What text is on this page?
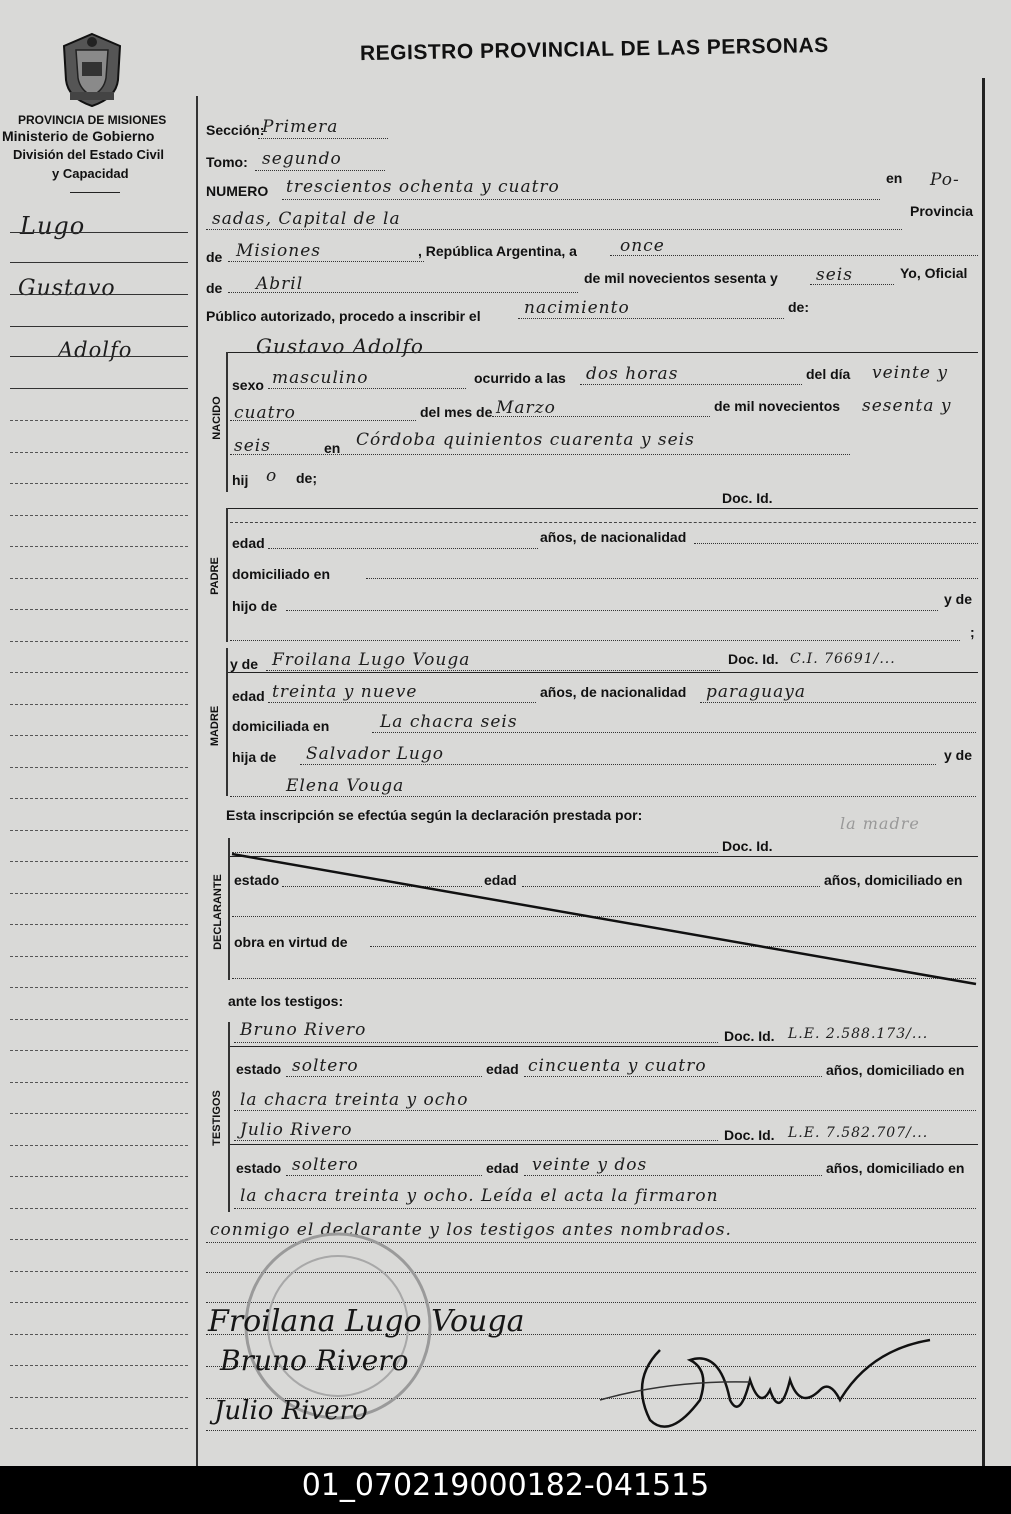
REGISTRO PROVINCIAL DE LAS PERSONAS
PROVINCIA DE MISIONES
Ministerio de Gobierno
División del Estado Civil
y Capacidad
Lugo
Gustavo
Adolfo
Sección:
Primera
Tomo: segundo
NUMERO trescientos ochenta y cuatro	en Po-
sadas, Capital de la	Provincia
de Misiones	, República Argentina, a	once
de Abril	de mil novecientos sesenta y seis	Yo, Oficial
Público autorizado, procedo a inscribir el	nacimiento	de:
NACIDO
Gustavo Adolfo
sexo masculino	ocurrido a las dos horas	del día veinte y
cuatro	del mes de Marzo	de mil novecientos sesenta y
seis	en Córdoba quinientos cuarenta y seis
hij o de;
Doc. Id.
PADRE
edad	años, de nacionalidad
domiciliado en
hijo de	y de
;
MADRE
y de Froilana Lugo Vouga	Doc. Id. C.I. 76691/...
edad treinta y nueve	años, de nacionalidad paraguaya
domiciliada en	La chacra seis
hija de Salvador Lugo	y de
Elena Vouga
Esta inscripción se efectúa según la declaración prestada por:	la madre
DECLARANTE
Doc. Id.
estado	edad	años, domiciliado en
obra en virtud de
ante los testigos:
TESTIGOS
Bruno Rivero	Doc. Id. L.E. 2.588.173/...
estado soltero	edad cincuenta y cuatro	años, domiciliado en
la chacra treinta y ocho
Julio Rivero	Doc. Id. L.E. 7.582.707/...
estado soltero	edad veinte y dos	años, domiciliado en
la chacra treinta y ocho. Leída el acta la firmaron
conmigo el declarante y los testigos antes nombrados.
Froilana Lugo Vouga
Bruno Rivero
Julio Rivero
01_070219000182-041515
